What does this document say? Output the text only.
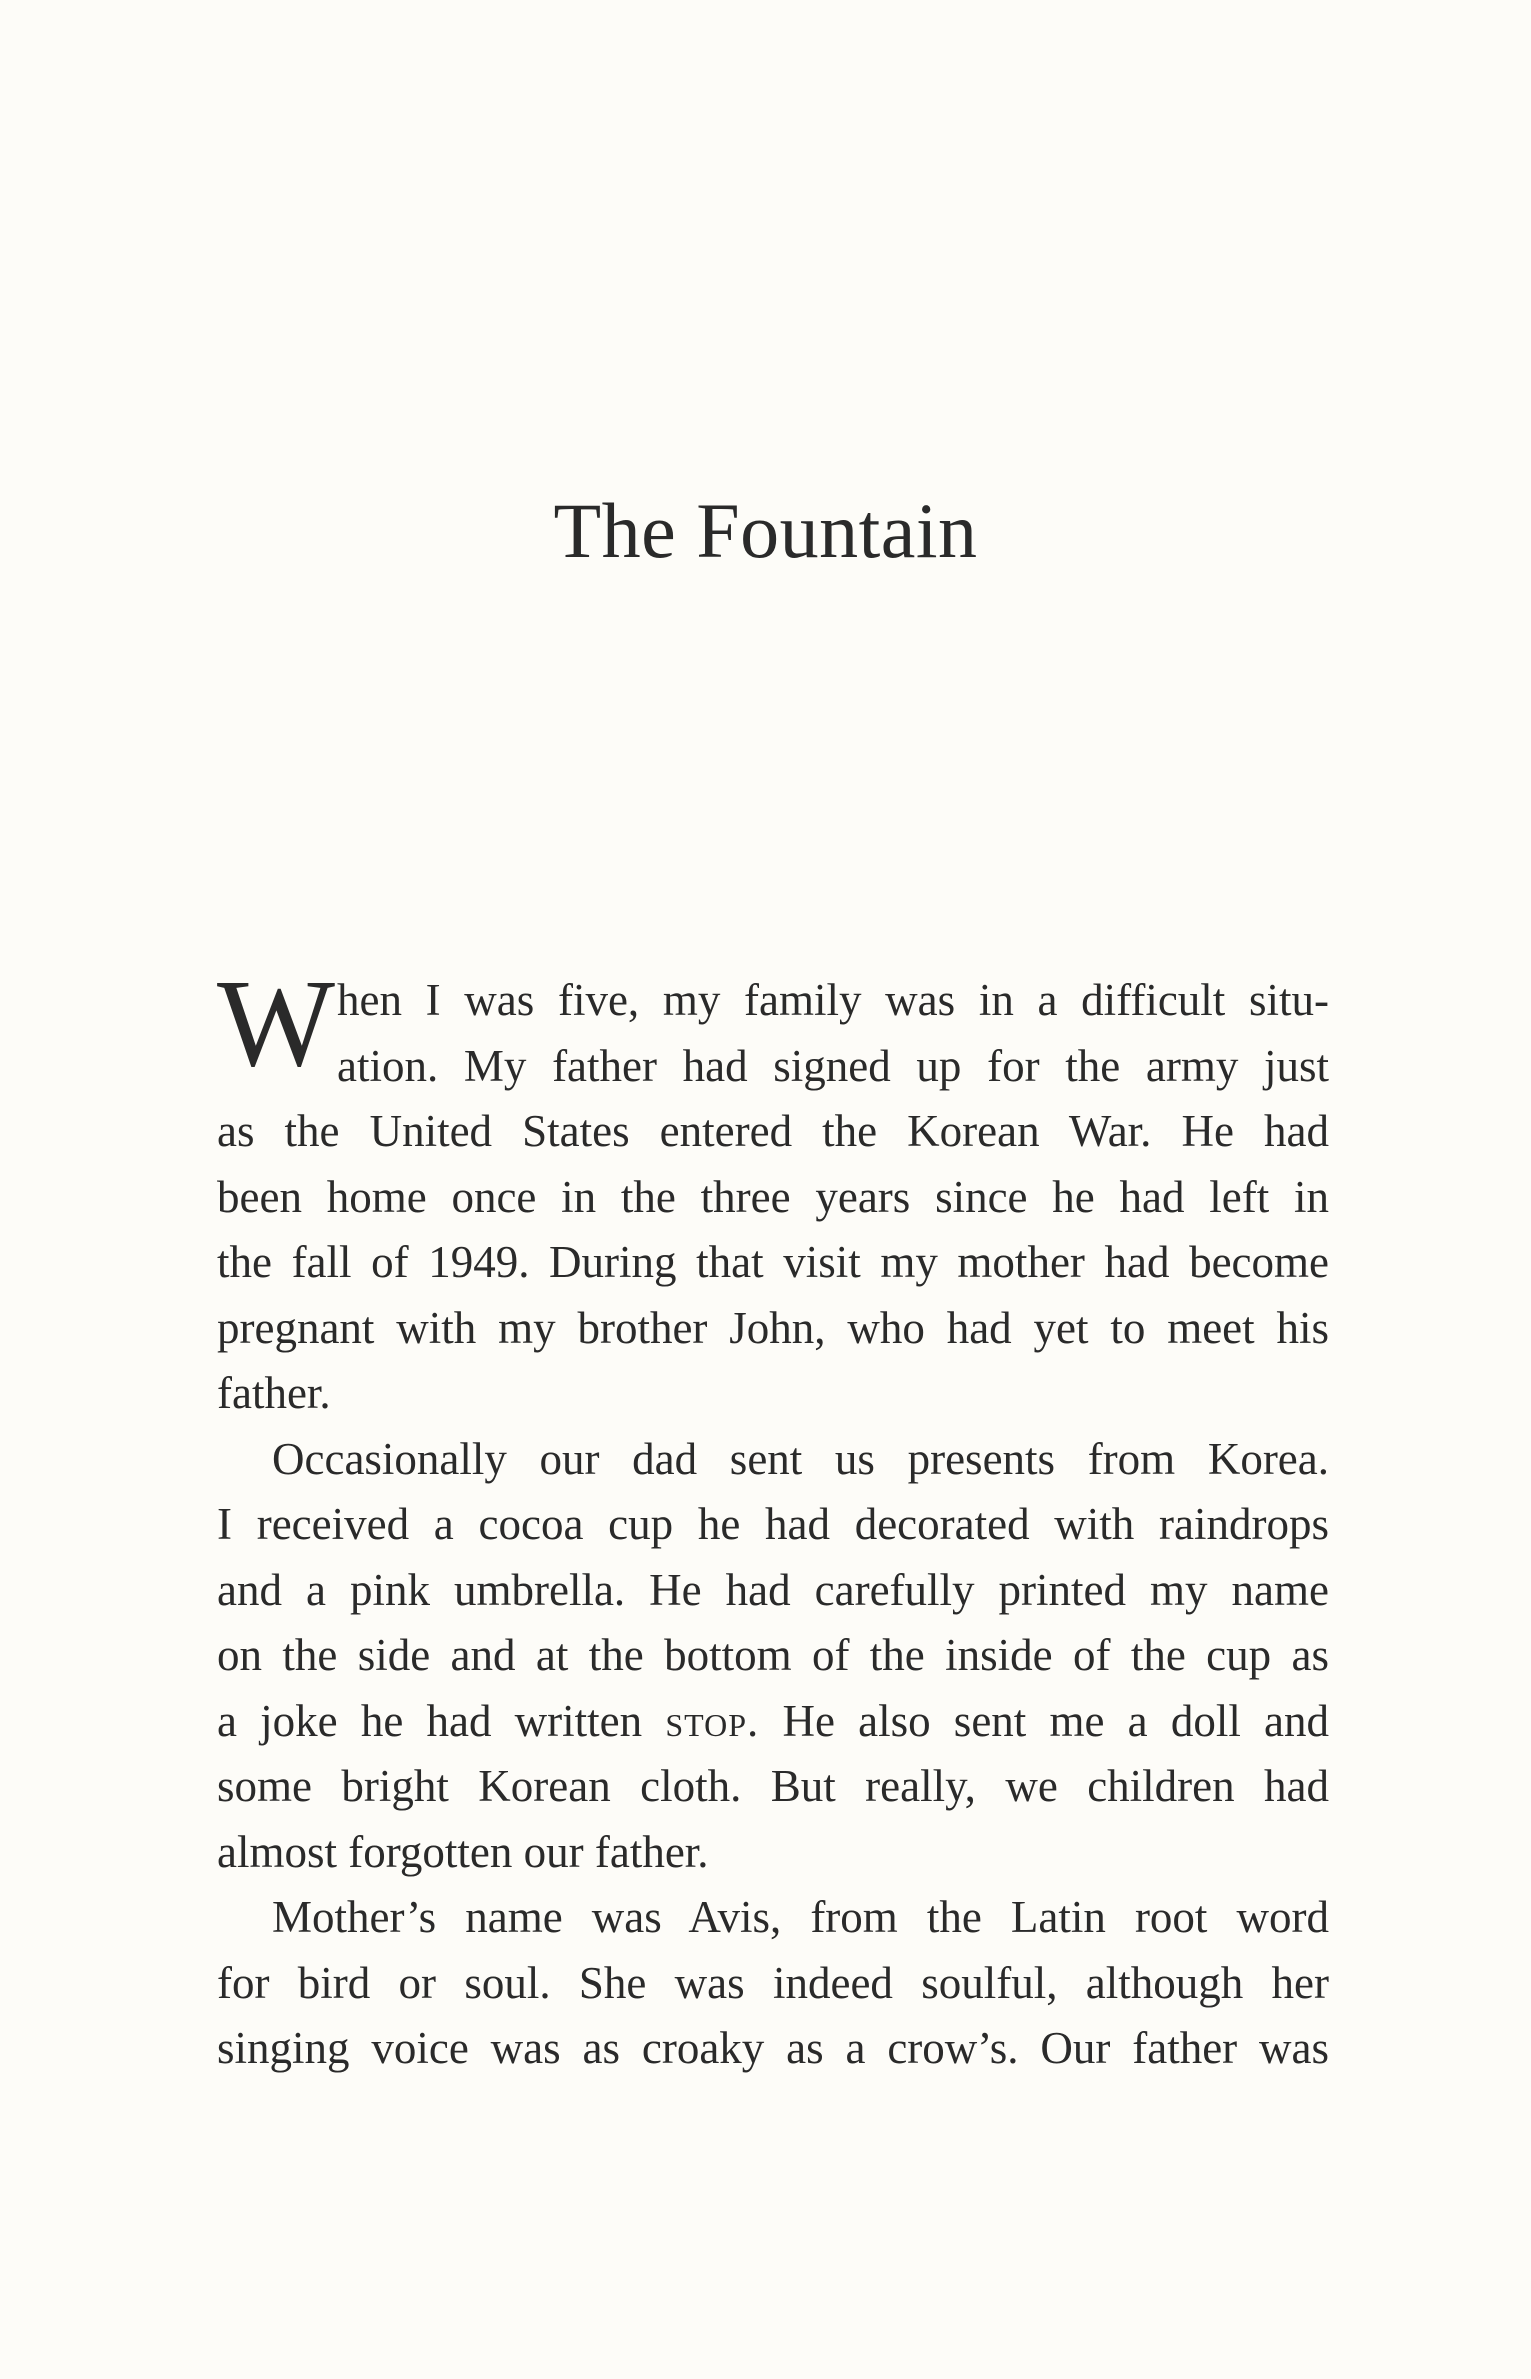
The Fountain
W hen I was five, my family was in a difficult situ-
ation. My father had signed up for the army just
as the United States entered the Korean War. He had
been home once in the three years since he had left in
the fall of 1949. During that visit my mother had become
pregnant with my brother John, who had yet to meet his
father.
Occasionally our dad sent us presents from Korea.
I received a cocoa cup he had decorated with raindrops
and a pink umbrella. He had carefully printed my name
on the side and at the bottom of the inside of the cup as
a joke he had written stop. He also sent me a doll and
some bright Korean cloth. But really, we children had
almost forgotten our father.
Mother’s name was Avis, from the Latin root word
for bird or soul. She was indeed soulful, although her
singing voice was as croaky as a crow’s. Our father was
